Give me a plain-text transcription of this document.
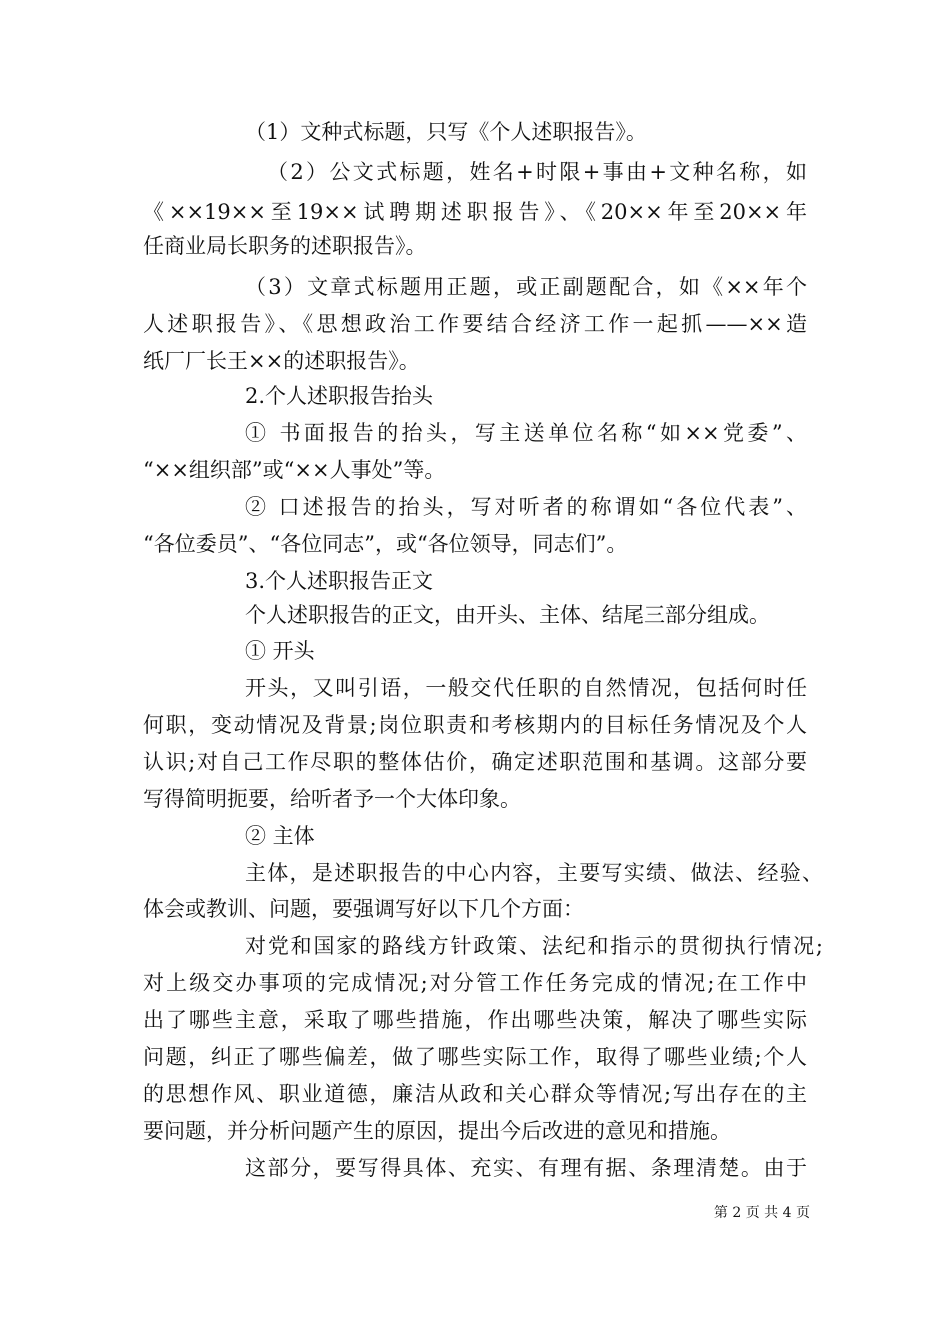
（1）文种式标题，只写《个人述职报告》。

（2）公文式标题，姓名+时限+事由+文种名称，如

《××19××至19××试聘期述职报告》、《20××年至20××年

任商业局长职务的述职报告》。

（3）文章式标题用正题，或正副题配合，如《××年个

人述职报告》、《思想政治工作要结合经济工作一起抓——××造

纸厂厂长王××的述职报告》。

2.个人述职报告抬头

① 书面报告的抬头，写主送单位名称“如××党委”、

“××组织部”或“××人事处”等。

② 口述报告的抬头，写对听者的称谓如“各位代表”、

“各位委员”、“各位同志”，或“各位领导，同志们”。

3.个人述职报告正文

个人述职报告的正文，由开头、主体、结尾三部分组成。

① 开头

开头，又叫引语，一般交代任职的自然情况，包括何时任

何职，变动情况及背景;岗位职责和考核期内的目标任务情况及个人

认识;对自己工作尽职的整体估价，确定述职范围和基调。这部分要

写得简明扼要，给听者予一个大体印象。

② 主体

主体，是述职报告的中心内容，主要写实绩、做法、经验、

体会或教训、问题，要强调写好以下几个方面：

对党和国家的路线方针政策、法纪和指示的贯彻执行情况;

对上级交办事项的完成情况;对分管工作任务完成的情况;在工作中

出了哪些主意，采取了哪些措施，作出哪些决策，解决了哪些实际

问题，纠正了哪些偏差，做了哪些实际工作，取得了哪些业绩;个人

的思想作风、职业道德，廉洁从政和关心群众等情况;写出存在的主

要问题，并分析问题产生的原因，提出今后改进的意见和措施。

这部分，要写得具体、充实、有理有据、条理清楚。由于

第 2 页 共 4 页
